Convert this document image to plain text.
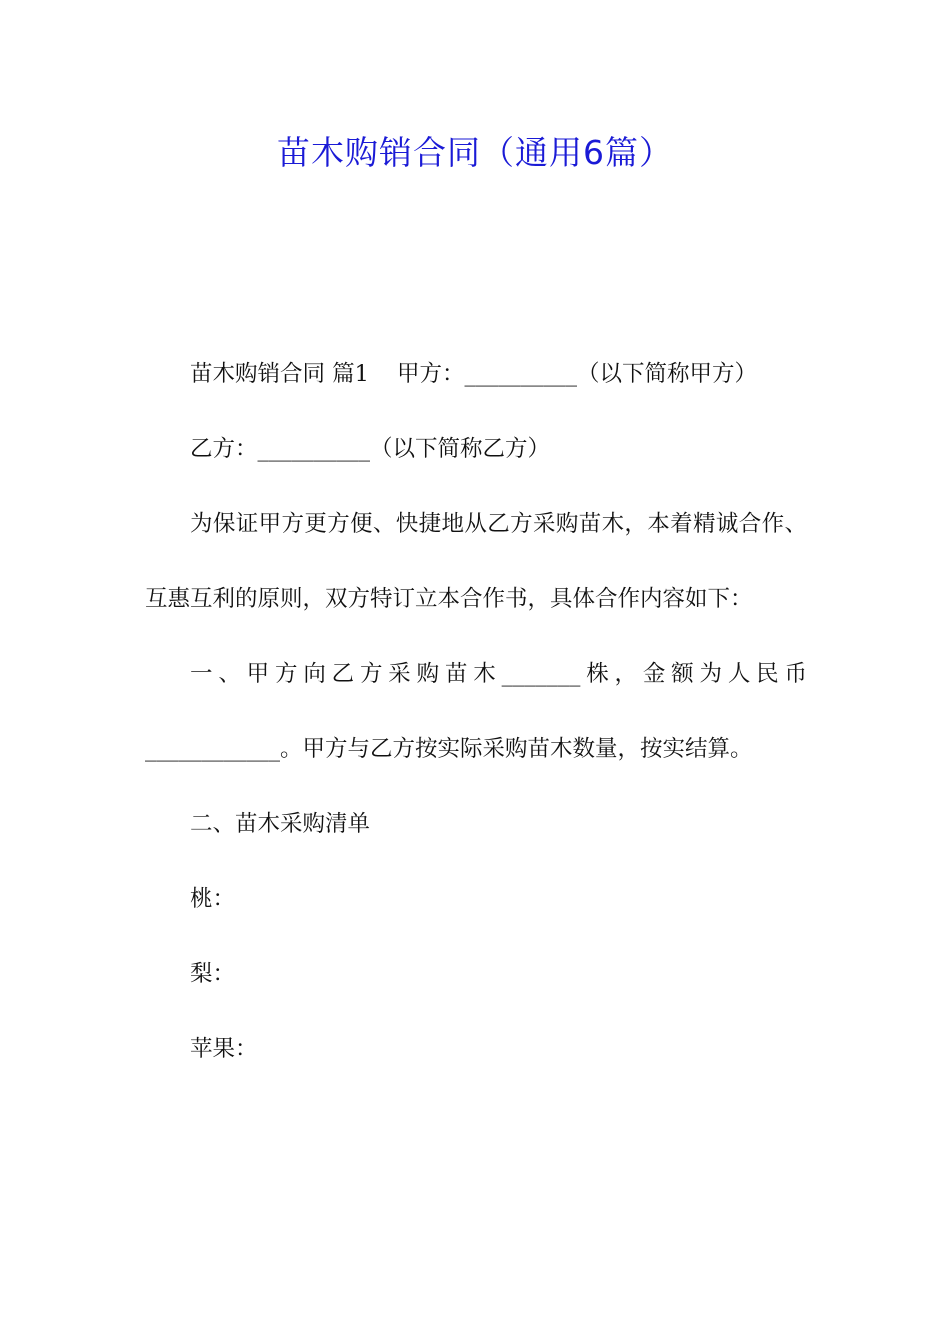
苗木购销合同（通用6篇）

苗木购销合同 篇1 甲方：__________（以下简称甲方）

乙方：__________（以下简称乙方）

为保证甲方更方便、快捷地从乙方采购苗木，本着精诚合作、互惠互利的原则，双方特订立本合作书，具体合作内容如下：

一、甲方向乙方采购苗木_______株，金额为人民币____________。甲方与乙方按实际采购苗木数量，按实结算。

二、苗木采购清单

桃：

梨：

苹果：
